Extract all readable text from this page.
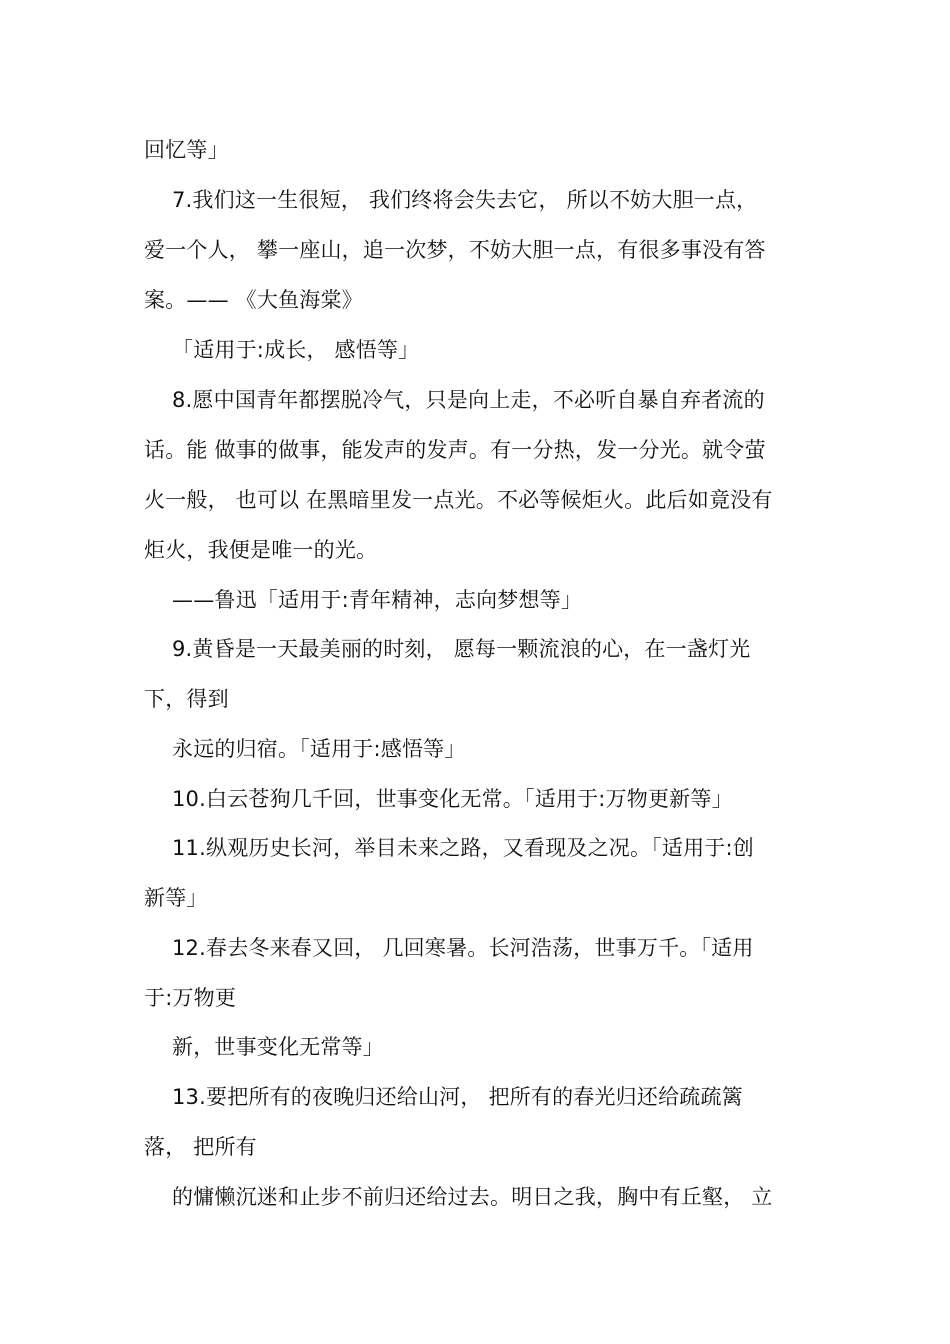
回忆等」
7.我们这一生很短， 我们终将会失去它， 所以不妨大胆一点，
爱一个人， 攀一座山，追一次梦，不妨大胆一点，有很多事没有答
案。—— 《大鱼海棠》
「适用于:成长， 感悟等」
8.愿中国青年都摆脱冷气，只是向上走，不必听自暴自弃者流的
话。能 做事的做事，能发声的发声。有一分热，发一分光。就令萤
火一般， 也可以 在黑暗里发一点光。不必等候炬火。此后如竟没有
炬火，我便是唯一的光。
——鲁迅「适用于:青年精神，志向梦想等」
9.黄昏是一天最美丽的时刻， 愿每一颗流浪的心，在一盏灯光
下，得到
永远的归宿。「适用于:感悟等」
10.白云苍狗几千回，世事变化无常。「适用于:万物更新等」
11.纵观历史长河，举目未来之路，又看现及之况。「适用于:创
新等」
12.春去冬来春又回， 几回寒暑。长河浩荡，世事万千。「适用
于:万物更
新，世事变化无常等」
13.要把所有的夜晚归还给山河， 把所有的春光归还给疏疏篱
落， 把所有
的慵懒沉迷和止步不前归还给过去。明日之我，胸中有丘壑， 立
